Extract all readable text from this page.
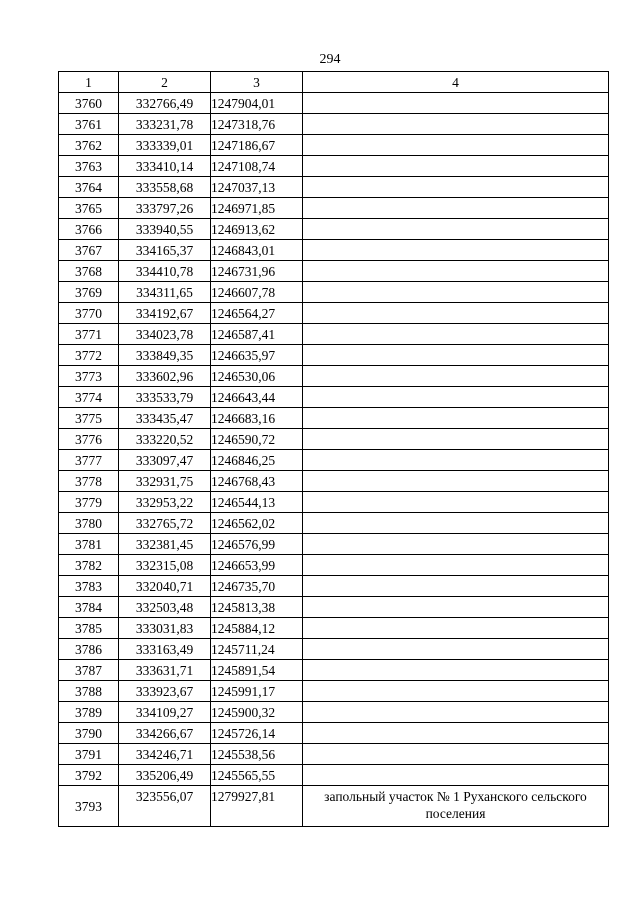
294
1	2	3	4
3760	332766,49	1247904,01	
3761	333231,78	1247318,76	
3762	333339,01	1247186,67	
3763	333410,14	1247108,74	
3764	333558,68	1247037,13	
3765	333797,26	1246971,85	
3766	333940,55	1246913,62	
3767	334165,37	1246843,01	
3768	334410,78	1246731,96	
3769	334311,65	1246607,78	
3770	334192,67	1246564,27	
3771	334023,78	1246587,41	
3772	333849,35	1246635,97	
3773	333602,96	1246530,06	
3774	333533,79	1246643,44	
3775	333435,47	1246683,16	
3776	333220,52	1246590,72	
3777	333097,47	1246846,25	
3778	332931,75	1246768,43	
3779	332953,22	1246544,13	
3780	332765,72	1246562,02	
3781	332381,45	1246576,99	
3782	332315,08	1246653,99	
3783	332040,71	1246735,70	
3784	332503,48	1245813,38	
3785	333031,83	1245884,12	
3786	333163,49	1245711,24	
3787	333631,71	1245891,54	
3788	333923,67	1245991,17	
3789	334109,27	1245900,32	
3790	334266,67	1245726,14	
3791	334246,71	1245538,56	
3792	335206,49	1245565,55	
3793	323556,07	1279927,81	запольный участок № 1 Руханского сельского поселения
